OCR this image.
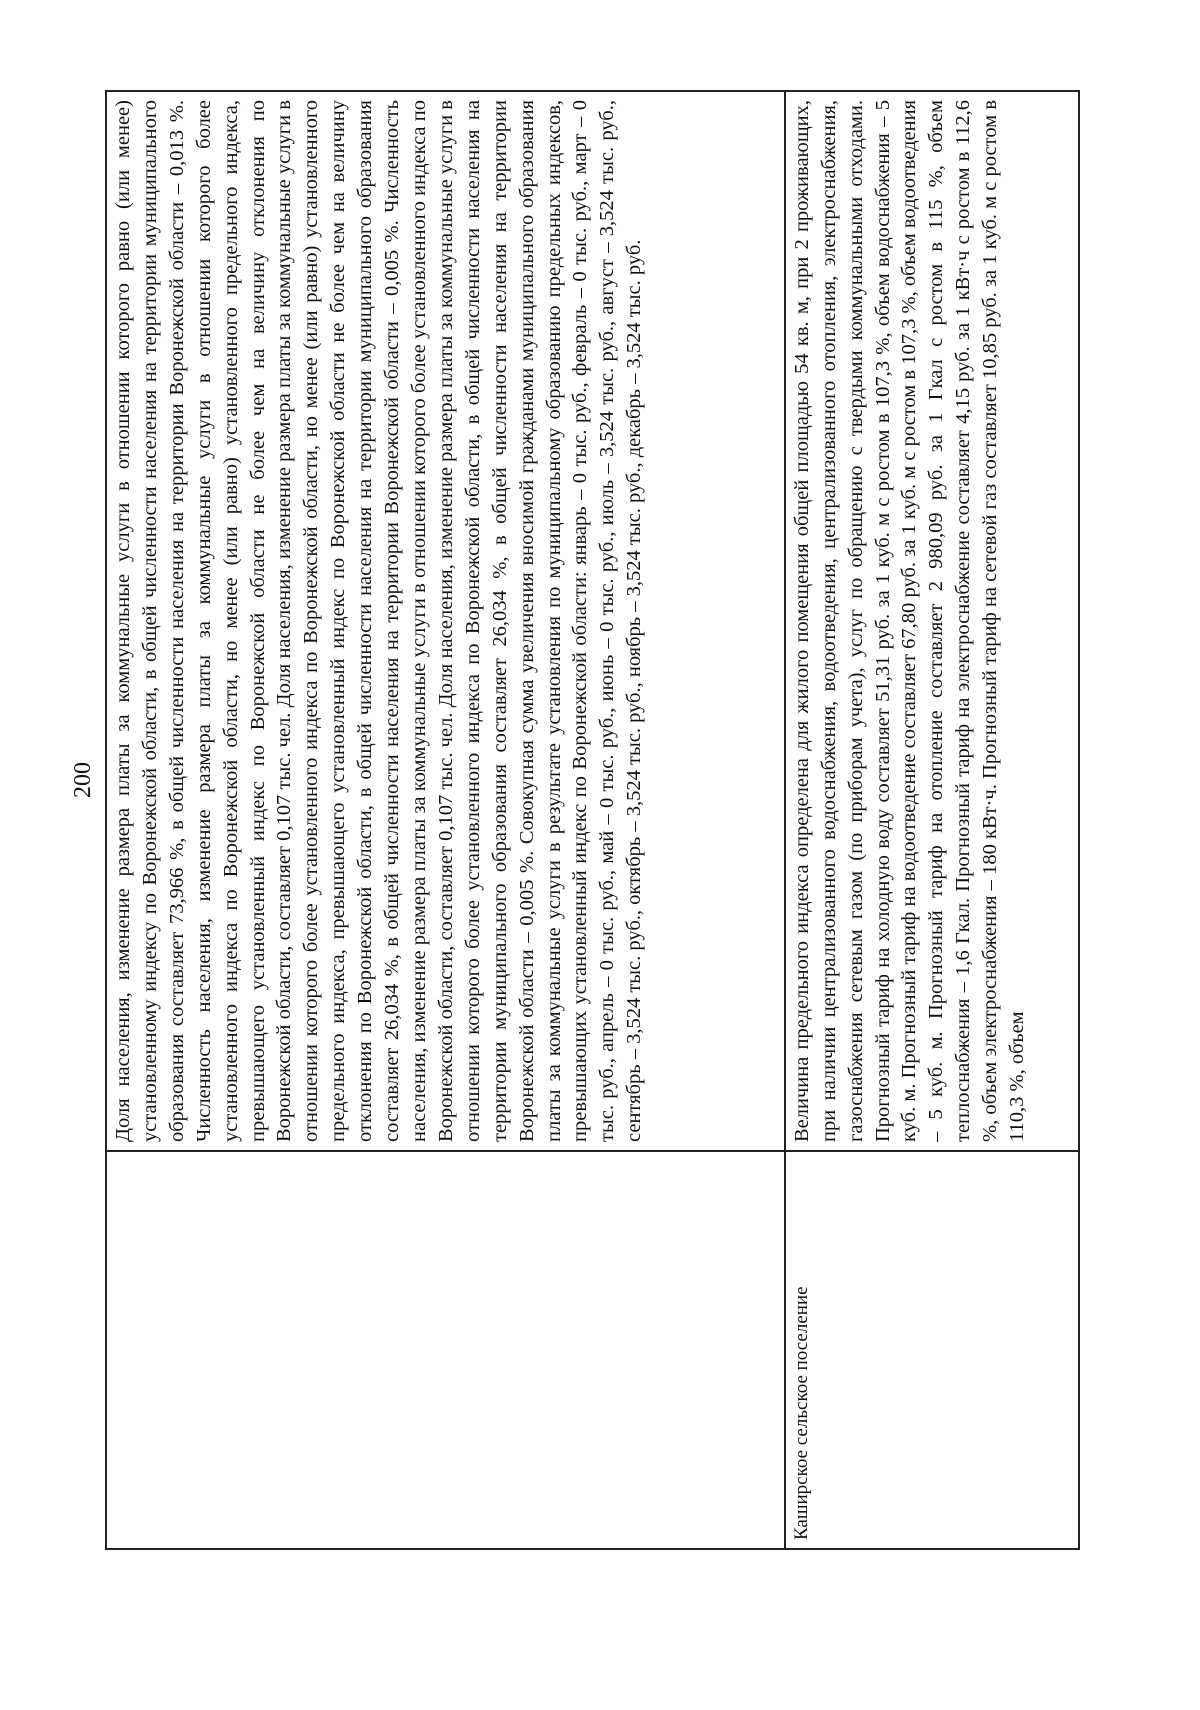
200

	Доля населения, изменение размера платы за коммунальные услуги в отношении которого равно (или менее) установленному индексу по Воронежской области, в общей численности населения на территории муниципального образования составляет 73,966 %, в общей численности населения на территории Воронежской области – 0,013 %. Численность населения, изменение размера платы за коммунальные услуги в отношении которого более установленного индекса по Воронежской области, но менее (или равно) установленного предельного индекса, превышающего установленный индекс по Воронежской области не более чем на величину отклонения по Воронежской области, составляет 0,107 тыс. чел. Доля населения, изменение размера платы за коммунальные услуги в отношении которого более установленного индекса по Воронежской области, но менее (или равно) установленного предельного индекса, превышающего установленный индекс по Воронежской области не более чем на величину отклонения по Воронежской области, в общей численности населения на территории муниципального образования составляет 26,034 %, в общей численности населения на территории Воронежской области – 0,005 %. Численность населения, изменение размера платы за коммунальные услуги в отношении которого более установленного индекса по Воронежской области, составляет 0,107 тыс. чел. Доля населения, изменение размера платы за коммунальные услуги в отношении которого более установленного индекса по Воронежской области, в общей численности населения на территории муниципального образования составляет 26,034 %, в общей численности населения на территории Воронежской области – 0,005 %. Совокупная сумма увеличения вносимой гражданами муниципального образования платы за коммунальные услуги в результате установления по муниципальному образованию предельных индексов, превышающих установленный индекс по Воронежской области: январь – 0 тыс. руб., февраль – 0 тыс. руб., март – 0 тыс. руб., апрель – 0 тыс. руб., май – 0 тыс. руб., июнь – 0 тыс. руб., июль – 3,524 тыс. руб., август – 3,524 тыс. руб., сентябрь – 3,524 тыс. руб., октябрь – 3,524 тыс. руб., ноябрь – 3,524 тыс. руб., декабрь – 3,524 тыс. руб.

Каширское сельское поселение	Величина предельного индекса определена для жилого помещения общей площадью 54 кв. м, при 2 проживающих, при наличии централизованного водоснабжения, водоотведения, централизованного отопления, электроснабжения, газоснабжения сетевым газом (по приборам учета), услуг по обращению с твердыми коммунальными отходами. Прогнозный тариф на холодную воду составляет 51,31 руб. за 1 куб. м с ростом в 107,3 %, объем водоснабжения – 5 куб. м. Прогнозный тариф на водоотведение составляет 67,80 руб. за 1 куб. м с ростом в 107,3 %, объем водоотведения – 5 куб. м. Прогнозный тариф на отопление составляет 2 980,09 руб. за 1 Гкал с ростом в 115 %, объем теплоснабжения – 1,6 Гкал. Прогнозный тариф на электроснабжение составляет 4,15 руб. за 1 кВт·ч с ростом в 112,6 %, объем электроснабжения – 180 кВт·ч. Прогнозный тариф на сетевой газ составляет 10,85 руб. за 1 куб. м с ростом в 110,3 %, объем
